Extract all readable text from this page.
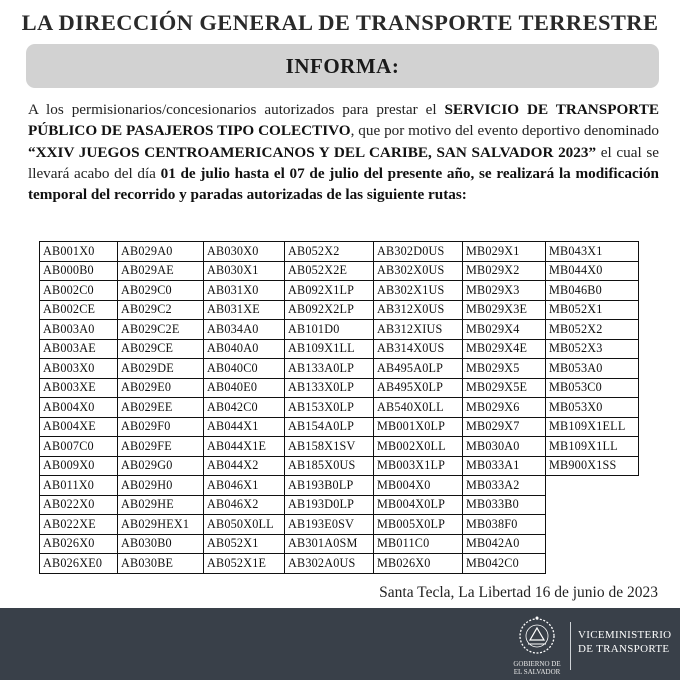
LA DIRECCIÓN GENERAL DE TRANSPORTE TERRESTRE
INFORMA:
A los permisionarios/concesionarios autorizados para prestar el SERVICIO DE TRANSPORTE PÚBLICO DE PASAJEROS TIPO COLECTIVO, que por motivo del evento deportivo denominado “XXIV JUEGOS CENTROAMERICANOS Y DEL CARIBE, SAN SALVADOR 2023” el cual se llevará acabo del día 01 de julio hasta el 07 de julio del presente año, se realizará la modificación temporal del recorrido y paradas autorizadas de las siguiente rutas:
AB001X0	AB029A0	AB030X0	AB052X2	AB302D0US	MB029X1	MB043X1
AB000B0	AB029AE	AB030X1	AB052X2E	AB302X0US	MB029X2	MB044X0
AB002C0	AB029C0	AB031X0	AB092X1LP	AB302X1US	MB029X3	MB046B0
AB002CE	AB029C2	AB031XE	AB092X2LP	AB312X0US	MB029X3E	MB052X1
AB003A0	AB029C2E	AB034A0	AB101D0	AB312XIUS	MB029X4	MB052X2
AB003AE	AB029CE	AB040A0	AB109X1LL	AB314X0US	MB029X4E	MB052X3
AB003X0	AB029DE	AB040C0	AB133A0LP	AB495A0LP	MB029X5	MB053A0
AB003XE	AB029E0	AB040E0	AB133X0LP	AB495X0LP	MB029X5E	MB053C0
AB004X0	AB029EE	AB042C0	AB153X0LP	AB540X0LL	MB029X6	MB053X0
AB004XE	AB029F0	AB044X1	AB154A0LP	MB001X0LP	MB029X7	MB109X1ELL
AB007C0	AB029FE	AB044X1E	AB158X1SV	MB002X0LL	MB030A0	MB109X1LL
AB009X0	AB029G0	AB044X2	AB185X0US	MB003X1LP	MB033A1	MB900X1SS
AB011X0	AB029H0	AB046X1	AB193B0LP	MB004X0	MB033A2	
AB022X0	AB029HE	AB046X2	AB193D0LP	MB004X0LP	MB033B0	
AB022XE	AB029HEX1	AB050X0LL	AB193E0SV	MB005X0LP	MB038F0	
AB026X0	AB030B0	AB052X1	AB301A0SM	MB011C0	MB042A0	
AB026XE0	AB030BE	AB052X1E	AB302A0US	MB026X0	MB042C0	
Santa Tecla, La Libertad 16 de junio de 2023
GOBIERNO DE
EL SALVADOR
VICEMINISTERIO
DE TRANSPORTE
